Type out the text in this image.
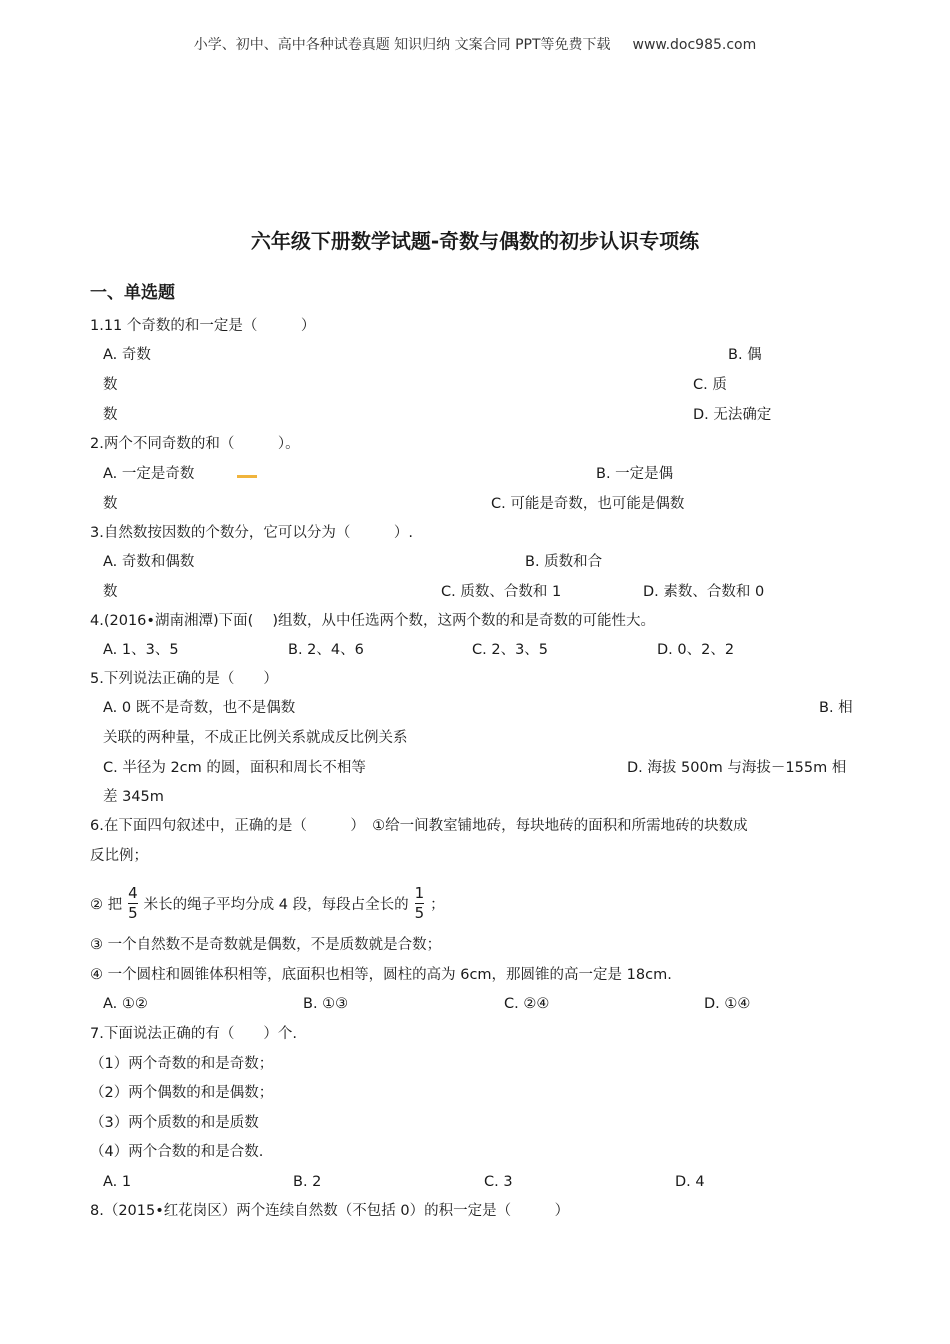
小学、初中、高中各种试卷真题 知识归纳 文案合同 PPT等免费下载 www.doc985.com
六年级下册数学试题-奇数与偶数的初步认识专项练
一、单选题
1.11 个奇数的和一定是（　　　）
A. 奇数	B. 偶
数	C. 质
数	D. 无法确定
2.两个不同奇数的和（　　　）。
A. 一定是奇数	B. 一定是偶
数	C. 可能是奇数，也可能是偶数
3.自然数按因数的个数分，它可以分为（　　　）.
A. 奇数和偶数	B. 质数和合
数	C. 质数、合数和 1	D. 素数、合数和 0
4.(2016•湖南湘潭)下面(　 )组数，从中任选两个数，这两个数的和是奇数的可能性大。
A. 1、3、5	B. 2、4、6	C. 2、3、5	D. 0、2、2
5.下列说法正确的是（　　）
A. 0 既不是奇数，也不是偶数	B. 相
关联的两种量，不成正比例关系就成反比例关系
C. 半径为 2cm 的圆，面积和周长不相等	D. 海拔 500m 与海拔－155m 相
差 345m
6.在下面四句叙述中，正确的是（　　　）　①给一间教室铺地砖，每块地砖的面积和所需地砖的块数成
反比例；
② 把 $\frac{4}{5}$ 米长的绳子平均分成 4 段，每段占全长的 $\frac{1}{5}$ ；
③ 一个自然数不是奇数就是偶数，不是质数就是合数；
④ 一个圆柱和圆锥体积相等，底面积也相等，圆柱的高为 6cm，那圆锥的高一定是 18cm.
A. ①②	B. ①③	C. ②④	D. ①④
7.下面说法正确的有（　　）个.
（1）两个奇数的和是奇数；
（2）两个偶数的和是偶数；
（3）两个质数的和是质数
（4）两个合数的和是合数.
A. 1	B. 2	C. 3	D. 4
8.（2015•红花岗区）两个连续自然数（不包括 0）的积一定是（　　　）
